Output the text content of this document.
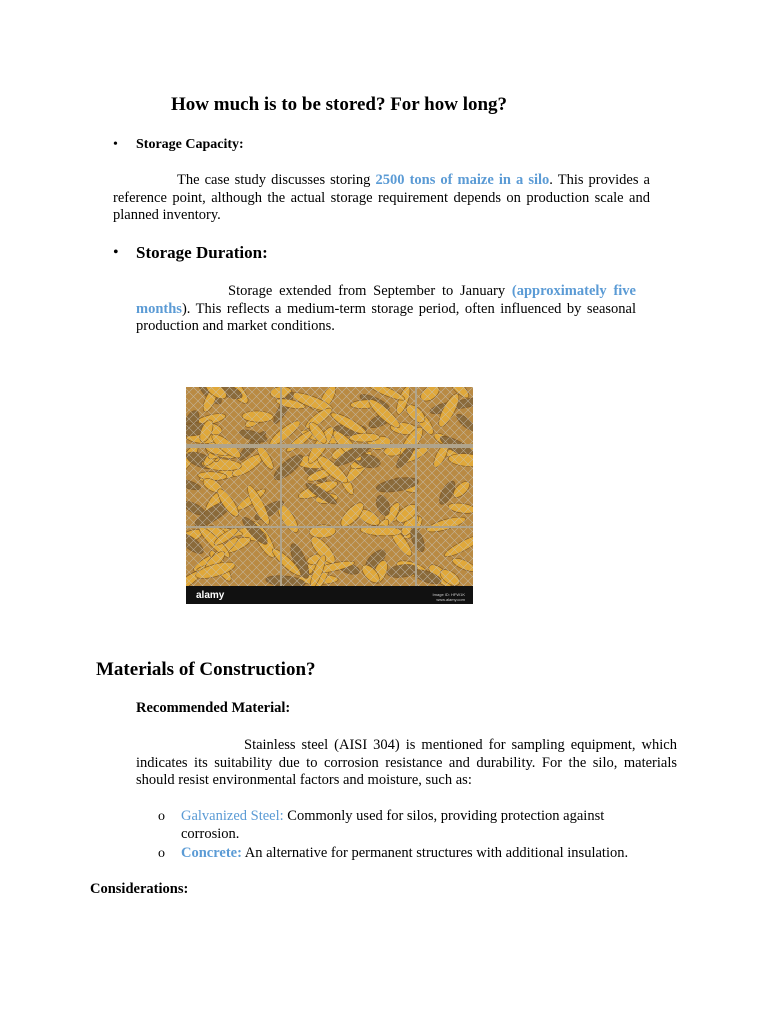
How much is to be stored? For how long?
• Storage Capacity:
The case study discusses storing 2500 tons of maize in a silo. This provides a reference point, although the actual storage requirement depends on production scale and planned inventory.
• Storage Duration:
Storage extended from September to January (approximately five months). This reflects a medium-term storage period, often influenced by seasonal production and market conditions.
alamy	Image ID: HFW1K
www.alamy.com
Materials of Construction?
Recommended Material:
Stainless steel (AISI 304) is mentioned for sampling equipment, which indicates its suitability due to corrosion resistance and durability. For the silo, materials should resist environmental factors and moisture, such as:
o Galvanized Steel: Commonly used for silos, providing protection against corrosion.
o Concrete: An alternative for permanent structures with additional insulation.
Considerations:
